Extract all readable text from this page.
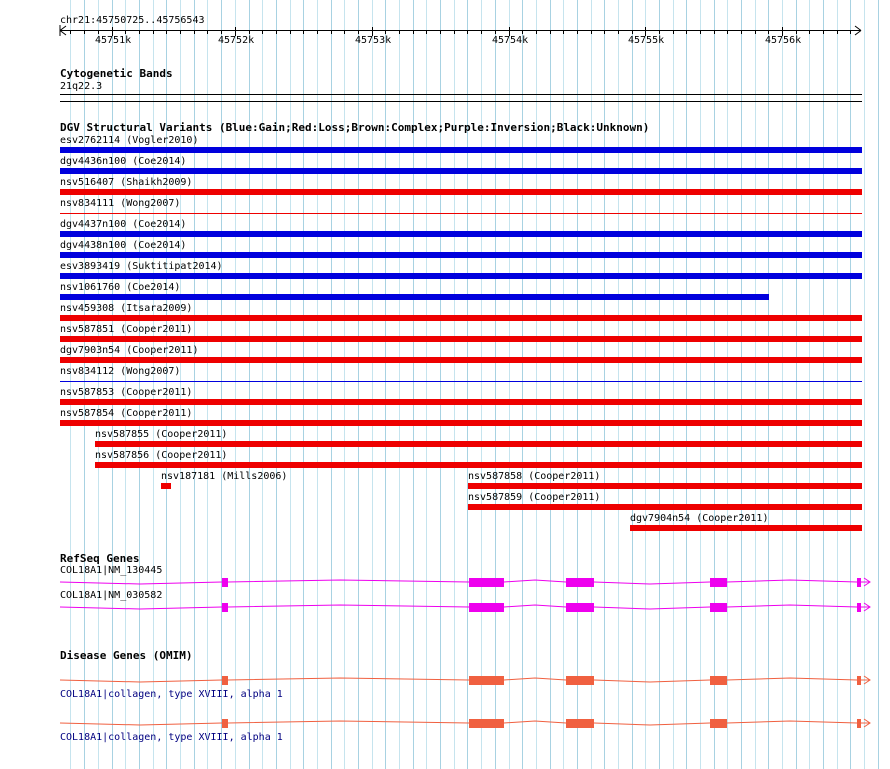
chr21:45750725..45756543
45751k	45752k	45753k	45754k	45755k	45756k
Cytogenetic Bands
21q22.3
DGV Structural Variants (Blue:Gain;Red:Loss;Brown:Complex;Purple:Inversion;Black:Unknown)
esv2762114 (Vogler2010)
dgv4436n100 (Coe2014)
nsv516407 (Shaikh2009)
nsv834111 (Wong2007)
dgv4437n100 (Coe2014)
dgv4438n100 (Coe2014)
esv3893419 (Suktitipat2014)
nsv1061760 (Coe2014)
nsv459308 (Itsara2009)
nsv587851 (Cooper2011)
dgv7903n54 (Cooper2011)
nsv834112 (Wong2007)
nsv587853 (Cooper2011)
nsv587854 (Cooper2011)
nsv587855 (Cooper2011)
nsv587856 (Cooper2011)
nsv187181 (Mills2006)	nsv587858 (Cooper2011)
nsv587859 (Cooper2011)
dgv7904n54 (Cooper2011)
RefSeq Genes
COL18A1|NM_130445
COL18A1|NM_030582
Disease Genes (OMIM)
COL18A1|collagen, type XVIII, alpha 1
COL18A1|collagen, type XVIII, alpha 1
